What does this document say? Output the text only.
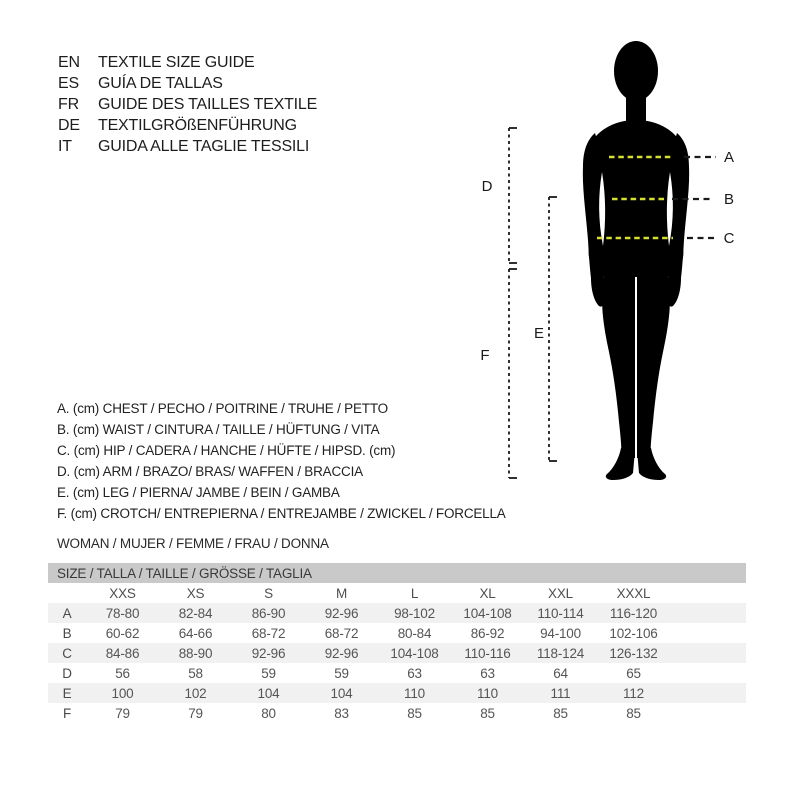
EN	TEXTILE SIZE GUIDE
ES	GUÍA DE TALLAS
FR	GUIDE DES TAILLES TEXTILE
DE	TEXTILGRÖßENFÜHRUNG
IT	GUIDA ALLE TAGLIE TESSILI
A
B
C
D
E
F
A. (cm) CHEST / PECHO / POITRINE / TRUHE / PETTO
B. (cm) WAIST / CINTURA / TAILLE / HÜFTUNG / VITA
C. (cm) HIP / CADERA / HANCHE / HÜFTE / HIPSD. (cm)
D. (cm) ARM / BRAZO/ BRAS/ WAFFEN / BRACCIA
E. (cm) LEG / PIERNA/ JAMBE / BEIN / GAMBA
F. (cm) CROTCH/ ENTREPIERNA / ENTREJAMBE / ZWICKEL / FORCELLA
WOMAN / MUJER / FEMME / FRAU / DONNA
SIZE / TALLA / TAILLE / GRÖSSE / TAGLIA									
	XXS	XS	S	M	L	XL	XXL	XXXL	
A	78-80	82-84	86-90	92-96	98-102	104-108	110-114	116-120	
B	60-62	64-66	68-72	68-72	80-84	86-92	94-100	102-106	
C	84-86	88-90	92-96	92-96	104-108	110-116	118-124	126-132	
D	56	58	59	59	63	63	64	65	
E	100	102	104	104	110	110	111	112	
F	79	79	80	83	85	85	85	85	
